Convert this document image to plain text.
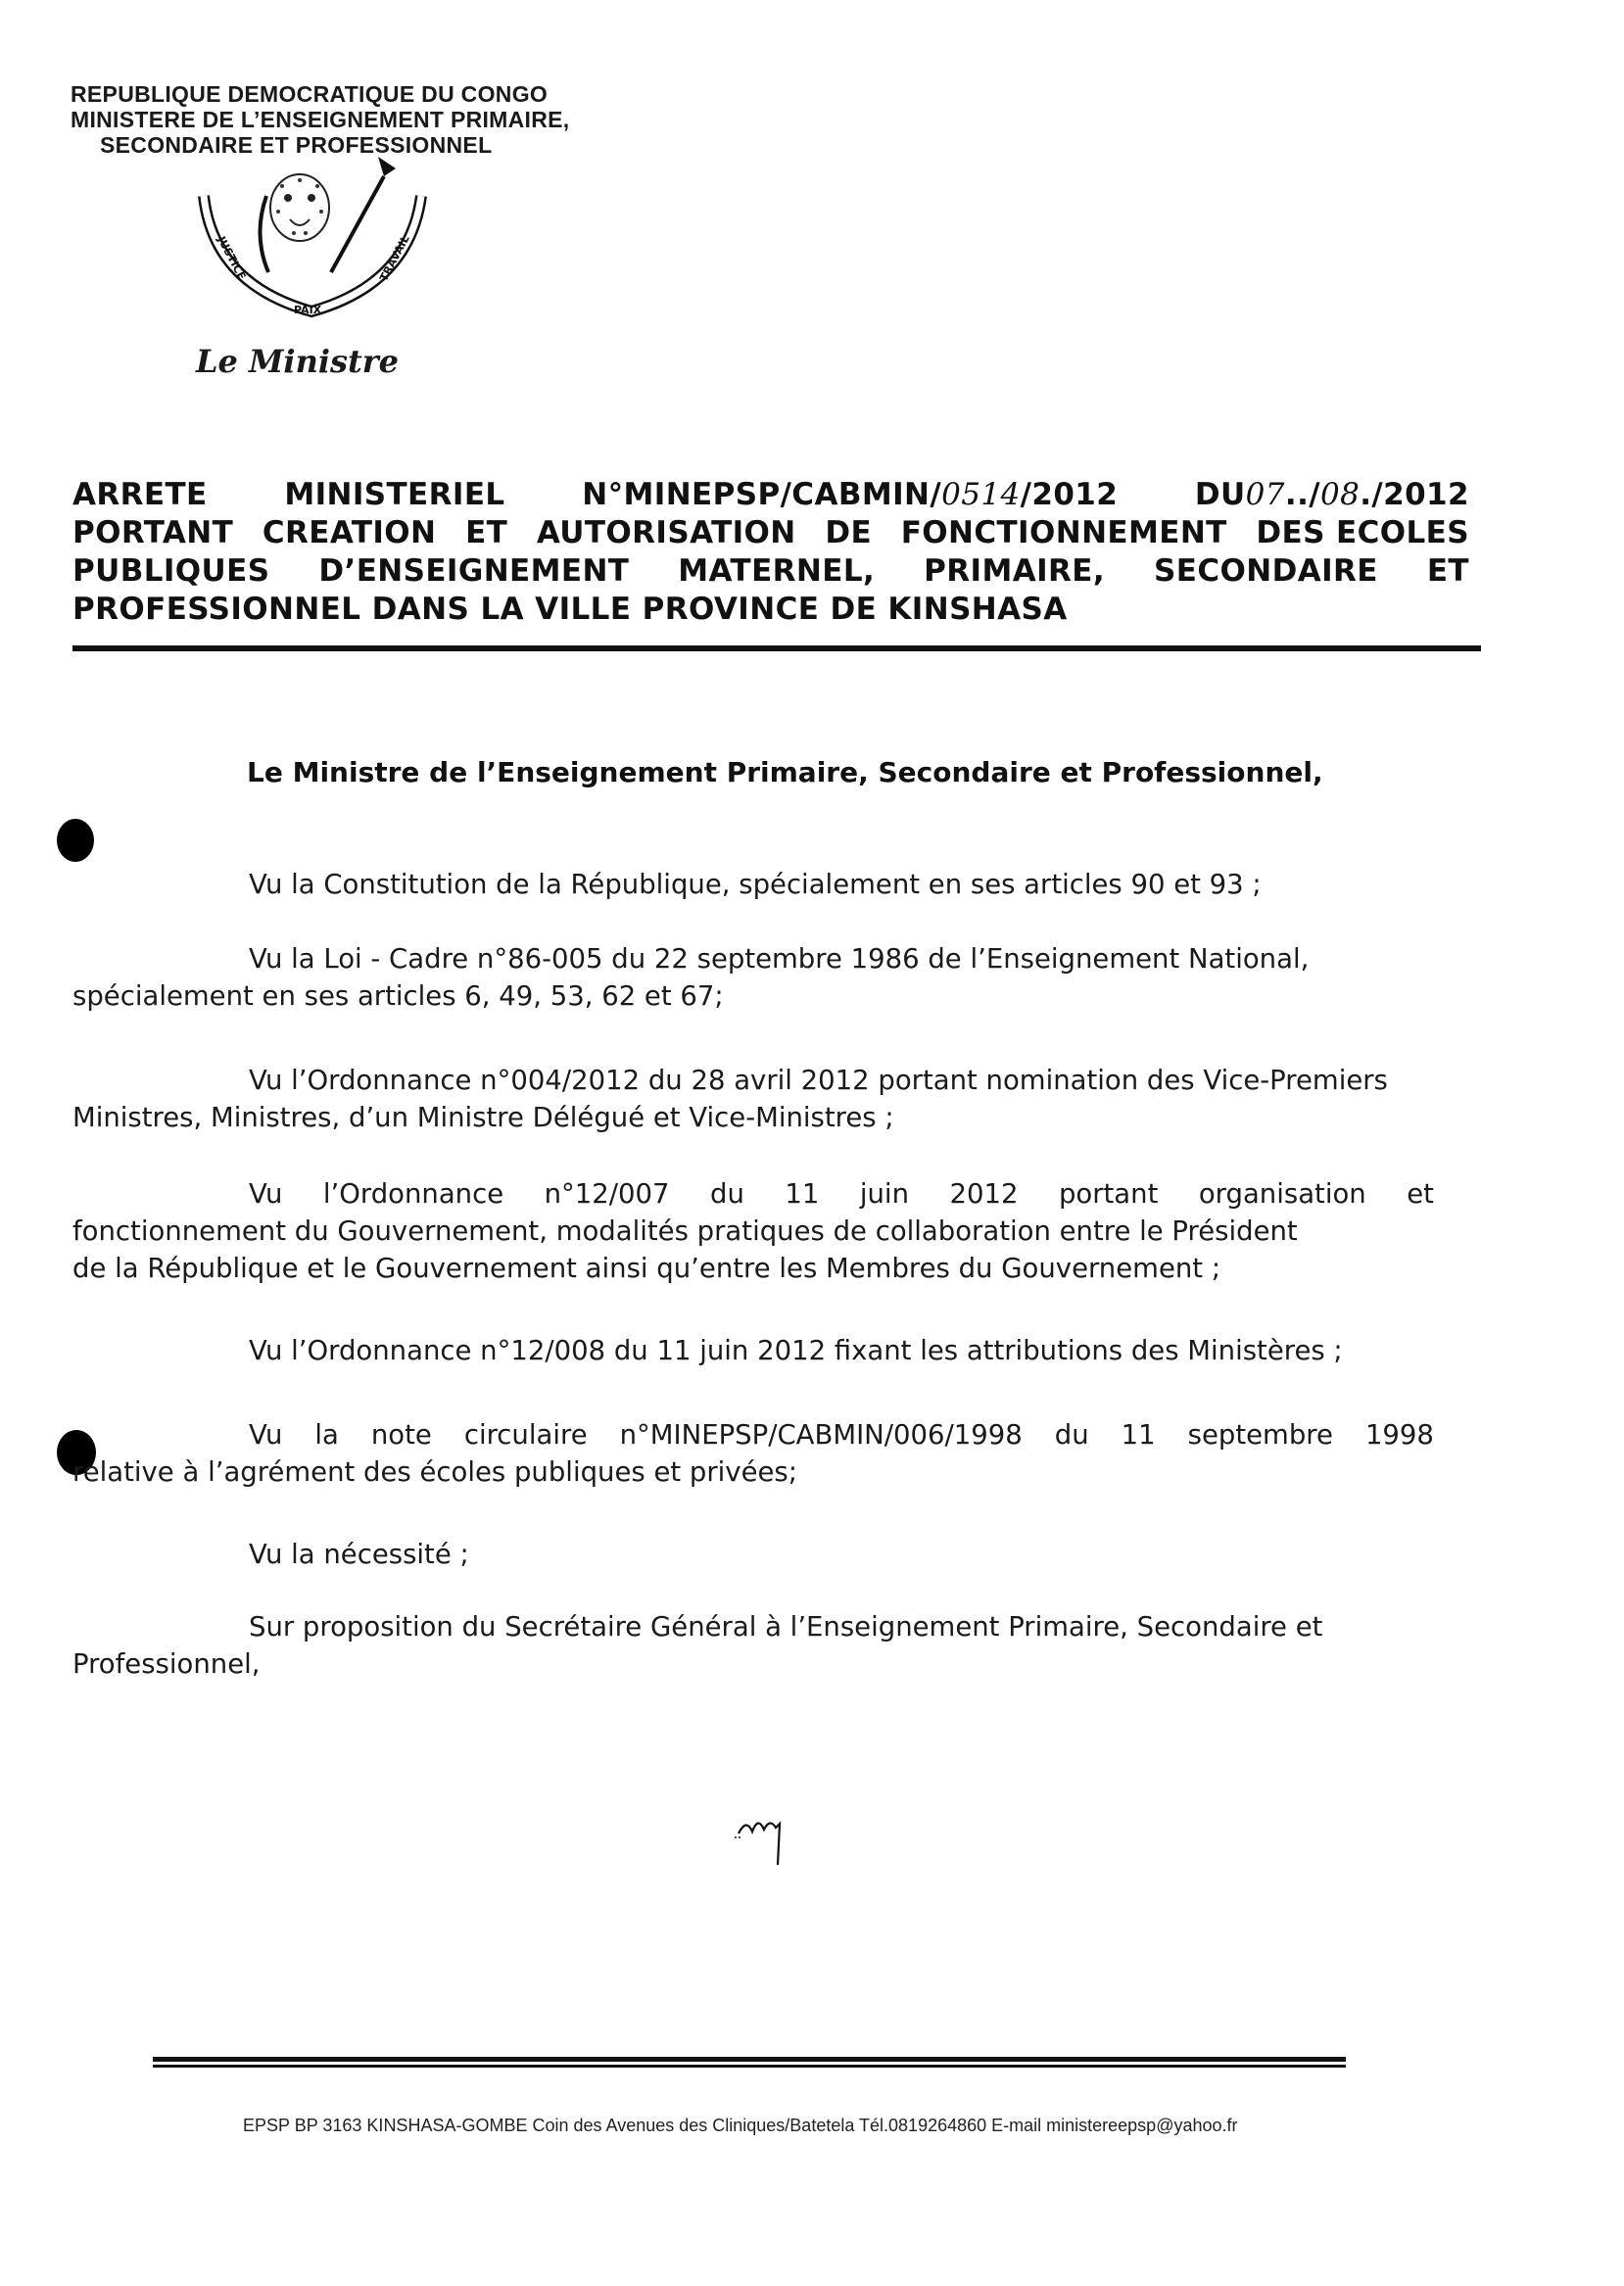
REPUBLIQUE DEMOCRATIQUE DU CONGO
MINISTERE DE L’ENSEIGNEMENT PRIMAIRE,
SECONDAIRE ET PROFESSIONNEL
JUSTICE
PAIX
TRAVAIL
Le Ministre
ARRETE	MINISTERIEL	N°MINEPSP/CABMIN/0514/2012	DU07../08./2012
PORTANT CREATION ET AUTORISATION DE FONCTIONNEMENT DES ECOLES
PUBLIQUES D’ENSEIGNEMENT MATERNEL, PRIMAIRE, SECONDAIRE ET
PROFESSIONNEL DANS LA VILLE PROVINCE DE KINSHASA
Le Ministre de l’Enseignement Primaire, Secondaire et Professionnel,
Vu la Constitution de la République, spécialement en ses articles 90 et 93 ;
Vu la Loi - Cadre n°86-005 du 22 septembre 1986 de l’Enseignement National,
spécialement en ses articles 6, 49, 53, 62 et 67;
Vu l’Ordonnance n°004/2012 du 28 avril 2012 portant nomination des Vice-Premiers
Ministres, Ministres, d’un Ministre Délégué et Vice-Ministres ;
Vu l’Ordonnance n°12/007 du 11 juin 2012 portant organisation et
fonctionnement du Gouvernement, modalités pratiques de collaboration entre le Président
de la République et le Gouvernement ainsi qu’entre les Membres du Gouvernement ;
Vu l’Ordonnance n°12/008 du 11 juin 2012 fixant les attributions des Ministères ;
Vu la note circulaire n°MINEPSP/CABMIN/006/1998 du 11 septembre 1998
relative à l’agrément des écoles publiques et privées;
Vu la nécessité ;
Sur proposition du Secrétaire Général à l’Enseignement Primaire, Secondaire et
Professionnel,
EPSP BP 3163 KINSHASA-GOMBE Coin des Avenues des Cliniques/Batetela Tél.0819264860 E-mail ministereepsp@yahoo.fr
